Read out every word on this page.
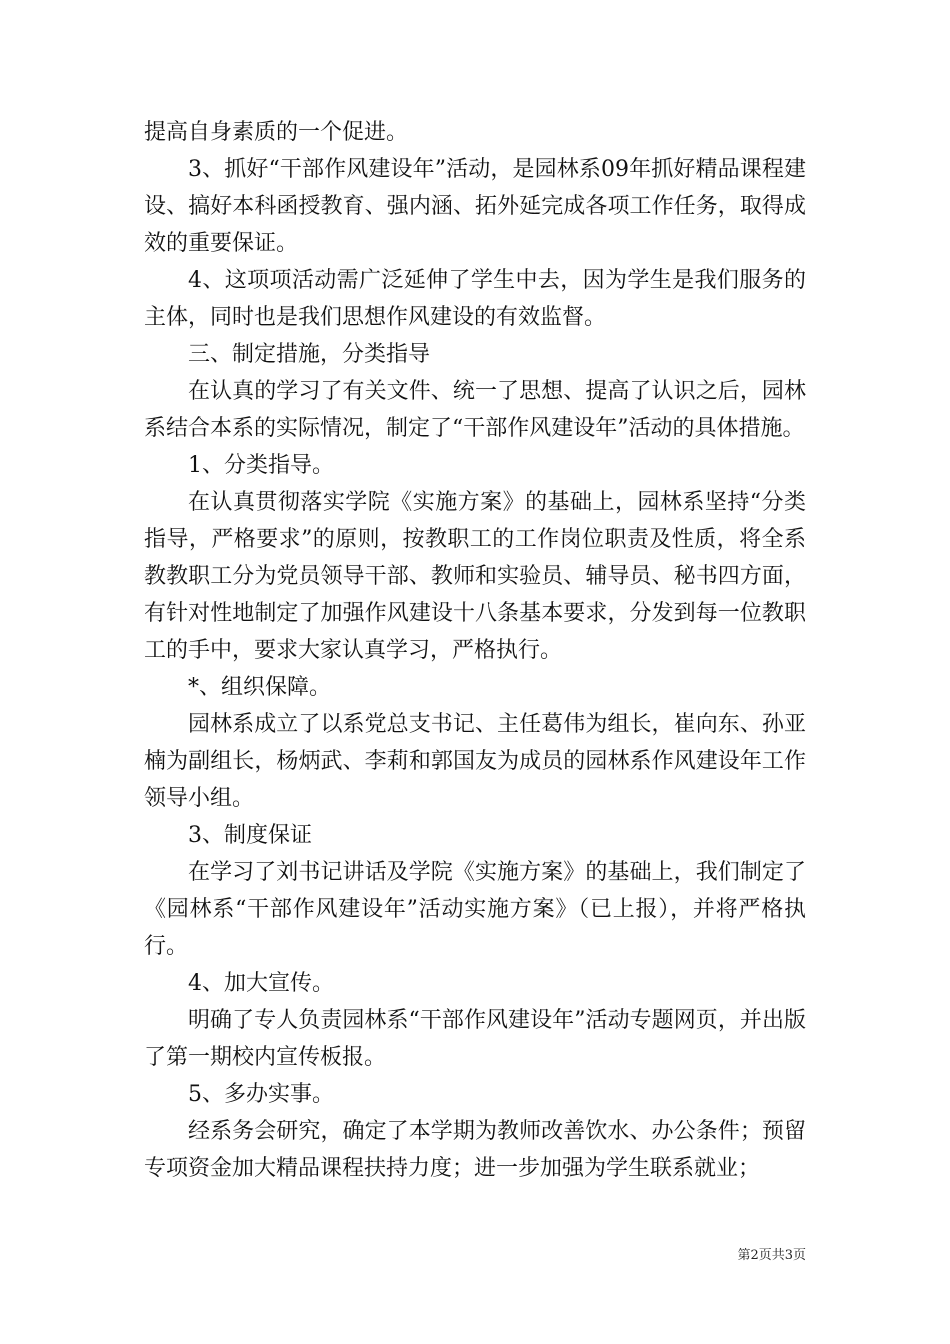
提高自身素质的一个促进。

3、抓好“干部作风建设年”活动，是园林系09年抓好精品课程建设、搞好本科函授教育、强内涵、拓外延完成各项工作任务，取得成效的重要保证。

4、这项项活动需广泛延伸了学生中去，因为学生是我们服务的主体，同时也是我们思想作风建设的有效监督。

三、制定措施，分类指导

在认真的学习了有关文件、统一了思想、提高了认识之后，园林系结合本系的实际情况，制定了“干部作风建设年”活动的具体措施。

1、分类指导。

在认真贯彻落实学院《实施方案》的基础上，园林系坚持“分类指导，严格要求”的原则，按教职工的工作岗位职责及性质，将全系教教职工分为党员领导干部、教师和实验员、辅导员、秘书四方面，有针对性地制定了加强作风建设十八条基本要求，分发到每一位教职工的手中，要求大家认真学习，严格执行。

*、组织保障。

园林系成立了以系党总支书记、主任葛伟为组长，崔向东、孙亚楠为副组长，杨炳武、李莉和郭国友为成员的园林系作风建设年工作领导小组。

3、制度保证

在学习了刘书记讲话及学院《实施方案》的基础上，我们制定了《园林系“干部作风建设年”活动实施方案》（已上报），并将严格执行。

4、加大宣传。

明确了专人负责园林系“干部作风建设年”活动专题网页，并出版了第一期校内宣传板报。

5、多办实事。

经系务会研究，确定了本学期为教师改善饮水、办公条件；预留专项资金加大精品课程扶持力度；进一步加强为学生联系就业；

第2页共3页
